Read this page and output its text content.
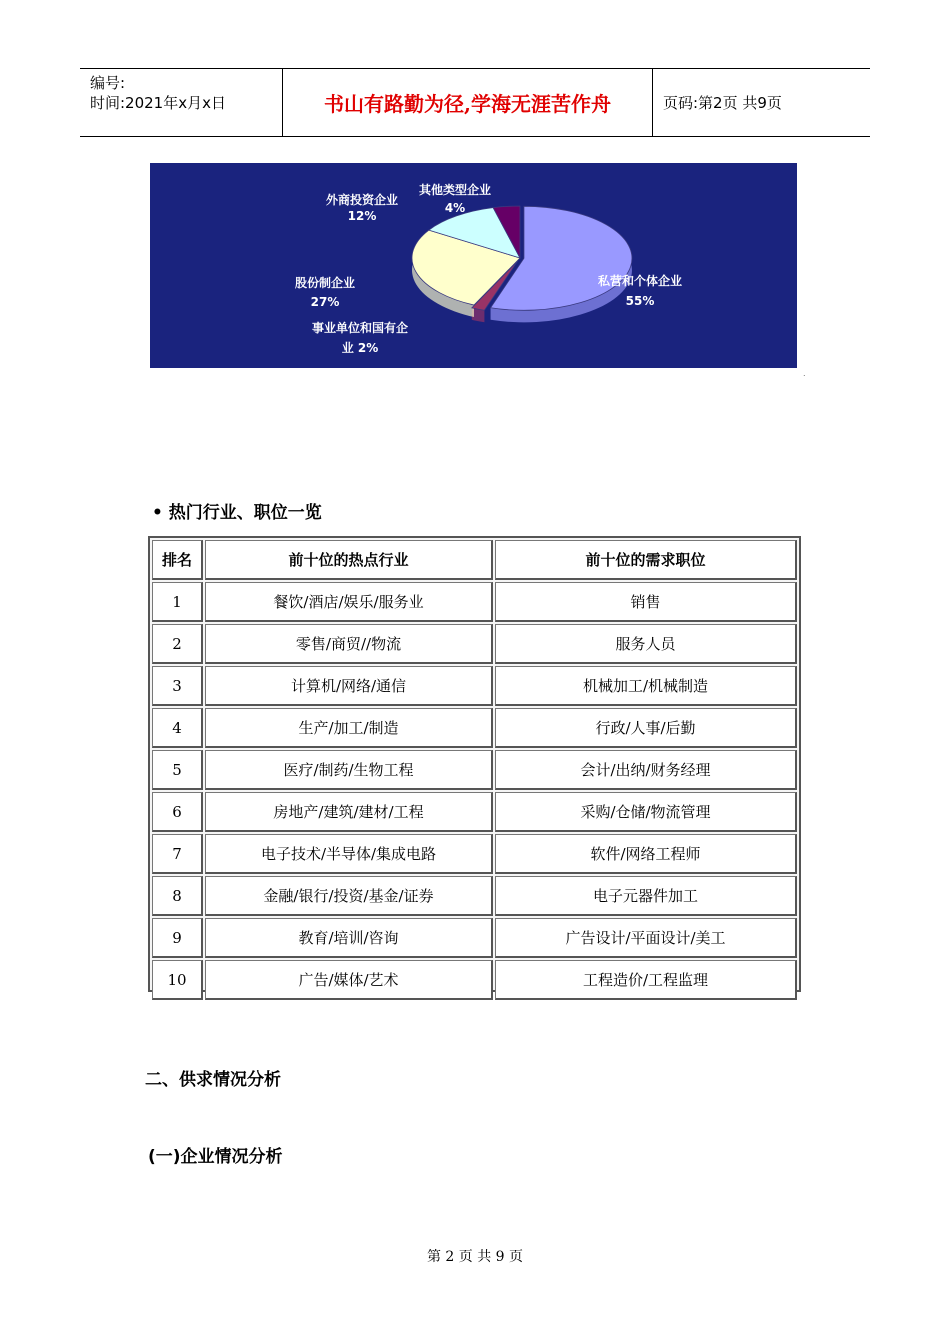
编号:
时间:2021年x月x日	书山有路勤为径,学海无涯苦作舟	页码:第2页 共9页
外商投资企业
12%
其他类型企业
4%
股份制企业
27%
事业单位和国有企
业 2%
私营和个体企业
55%
.
• 热门行业、职位一览
排名	前十位的热点行业	前十位的需求职位
1	餐饮/酒店/娱乐/服务业	销售
2	零售/商贸//物流	服务人员
3	计算机/网络/通信	机械加工/机械制造
4	生产/加工/制造	行政/人事/后勤
5	医疗/制药/生物工程	会计/出纳/财务经理
6	房地产/建筑/建材/工程	采购/仓储/物流管理
7	电子技术/半导体/集成电路	软件/网络工程师
8	金融/银行/投资/基金/证券	电子元器件加工
9	教育/培训/咨询	广告设计/平面设计/美工
10	广告/媒体/艺术	工程造价/工程监理
二、供求情况分析
(一)企业情况分析
第 2 页 共 9 页
